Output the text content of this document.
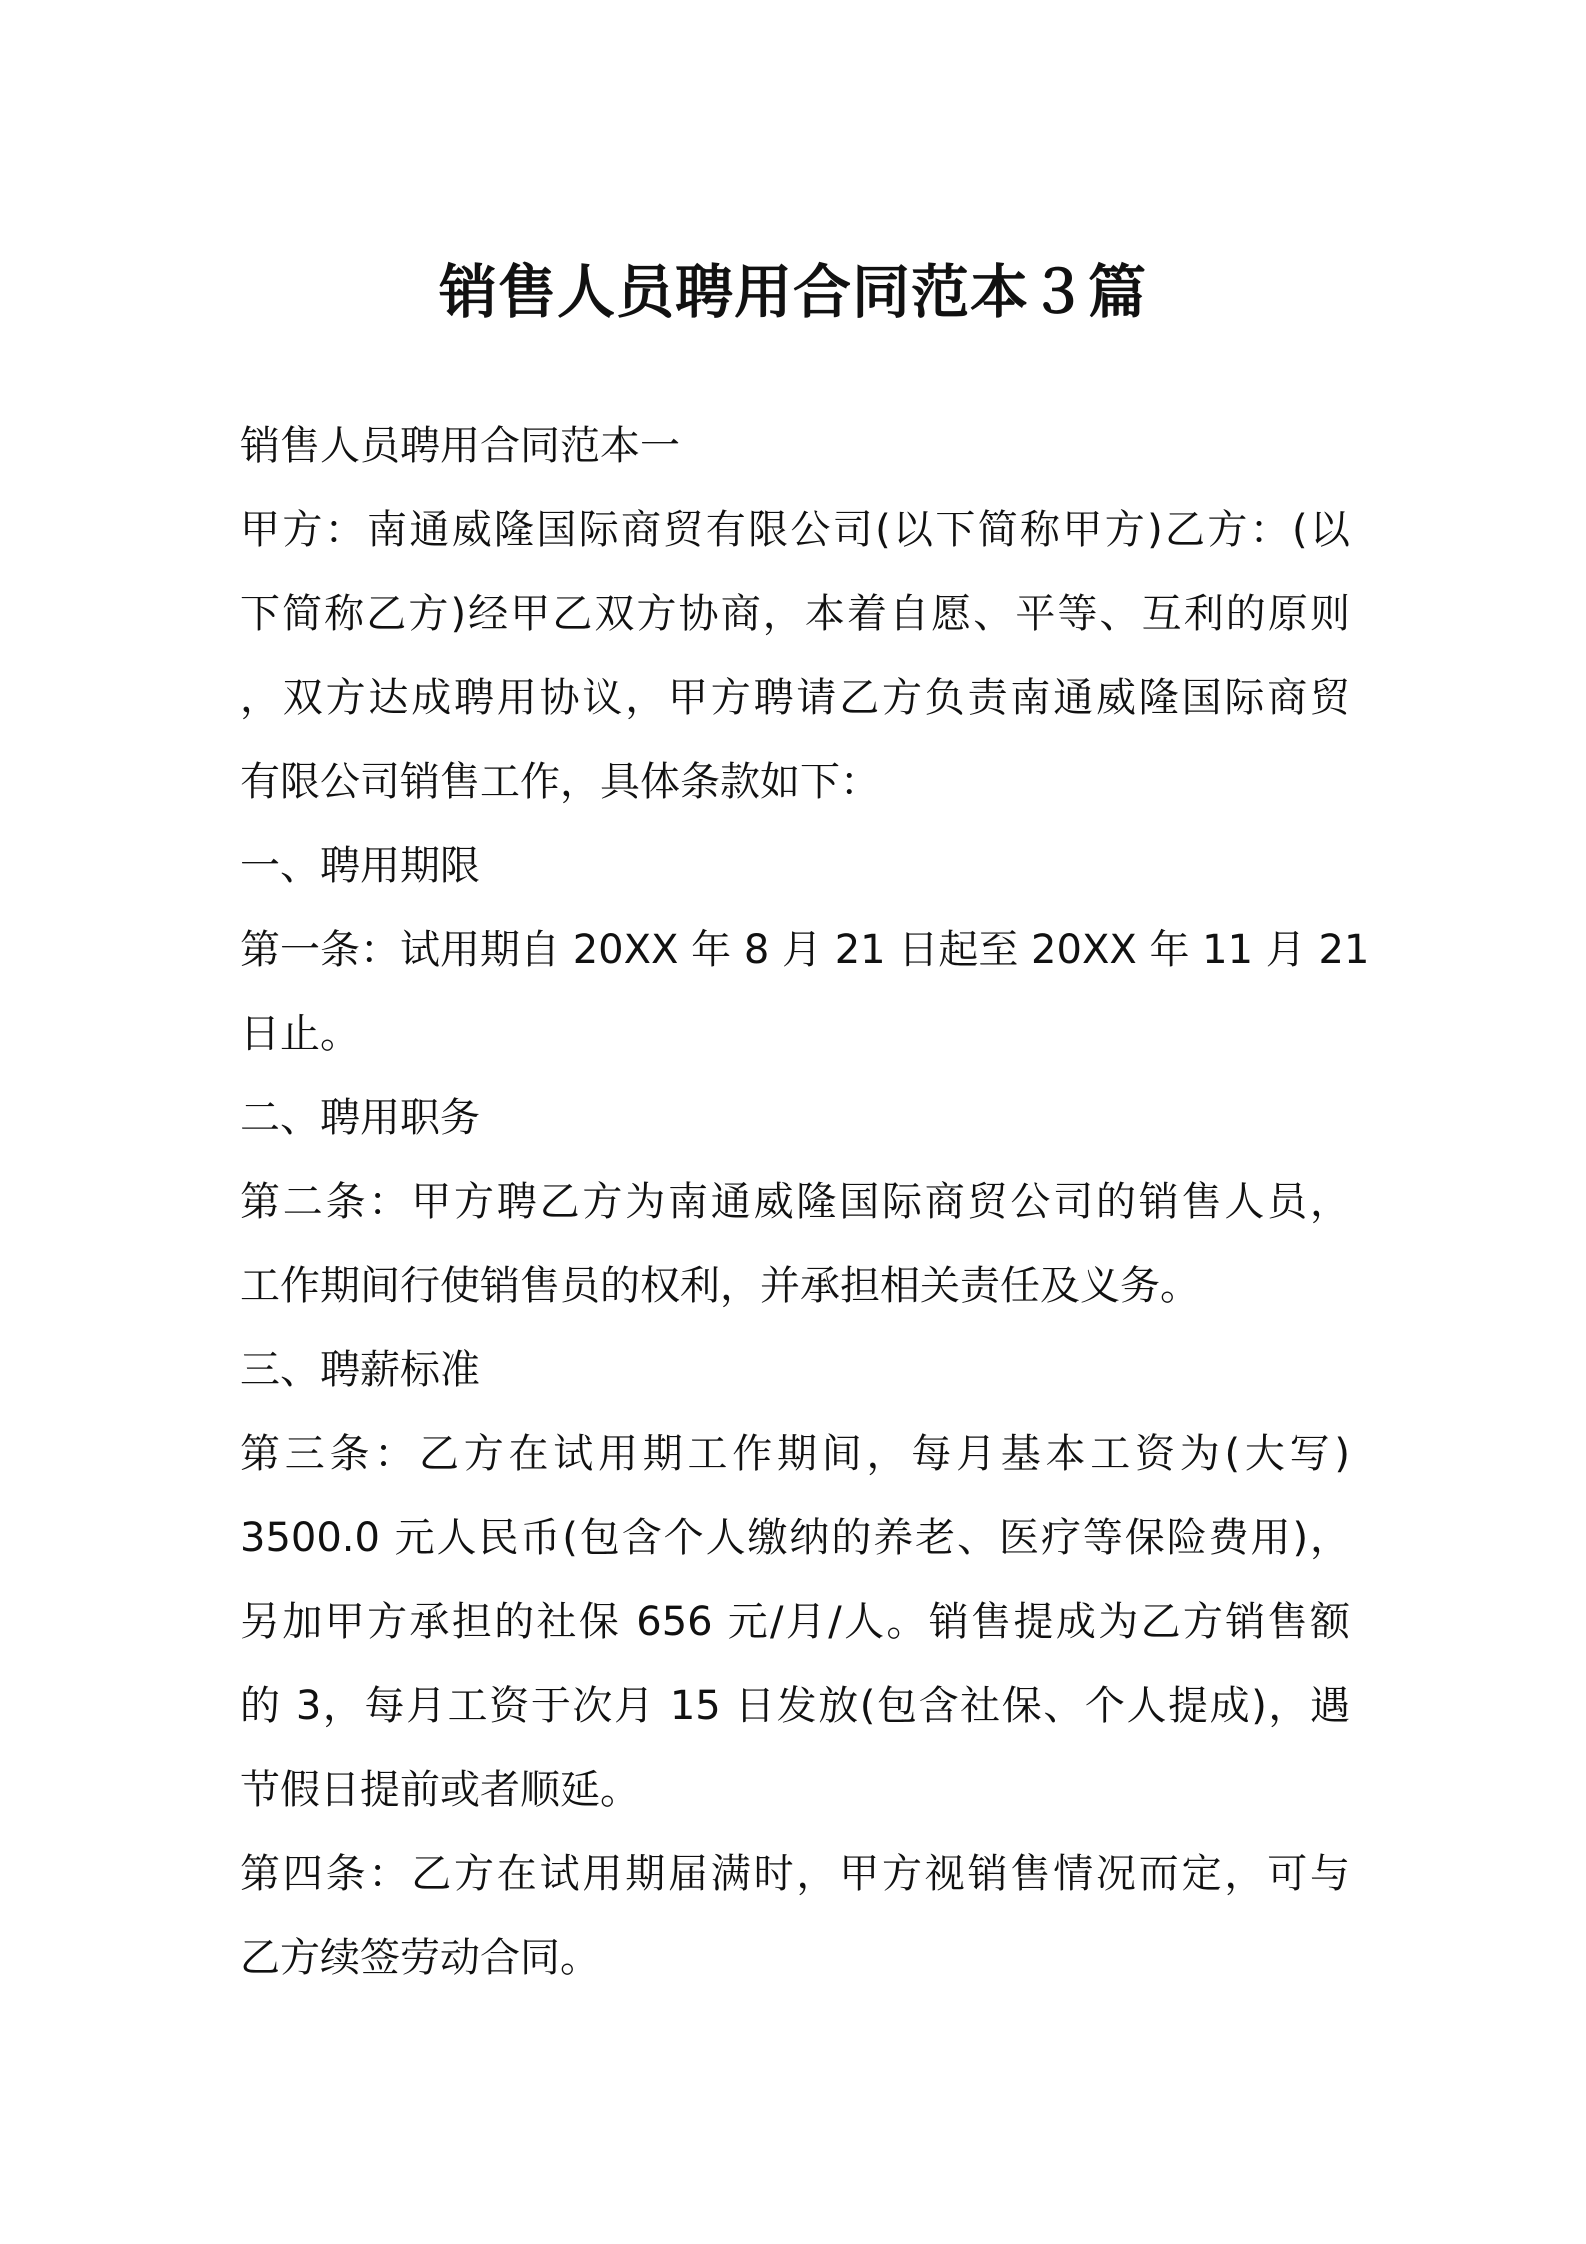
销售人员聘用合同范本３篇
销售人员聘用合同范本一
甲方：南通威隆国际商贸有限公司(以下简称甲方)乙方：(以
下简称乙方)经甲乙双方协商，本着自愿、平等、互利的原则
，双方达成聘用协议，甲方聘请乙方负责南通威隆国际商贸
有限公司销售工作，具体条款如下：
一、聘用期限
第一条：试用期自 20XX 年 8 月 21 日起至 20XX 年 11 月 21
日止。
二、聘用职务
第二条：甲方聘乙方为南通威隆国际商贸公司的销售人员，
工作期间行使销售员的权利，并承担相关责任及义务。
三、聘薪标准
第三条：乙方在试用期工作期间，每月基本工资为(大写)
3500.0 元人民币(包含个人缴纳的养老、医疗等保险费用)，
另加甲方承担的社保 656 元/月/人。销售提成为乙方销售额
的 3，每月工资于次月 15 日发放(包含社保、个人提成)，遇
节假日提前或者顺延。
第四条：乙方在试用期届满时，甲方视销售情况而定，可与
乙方续签劳动合同。
